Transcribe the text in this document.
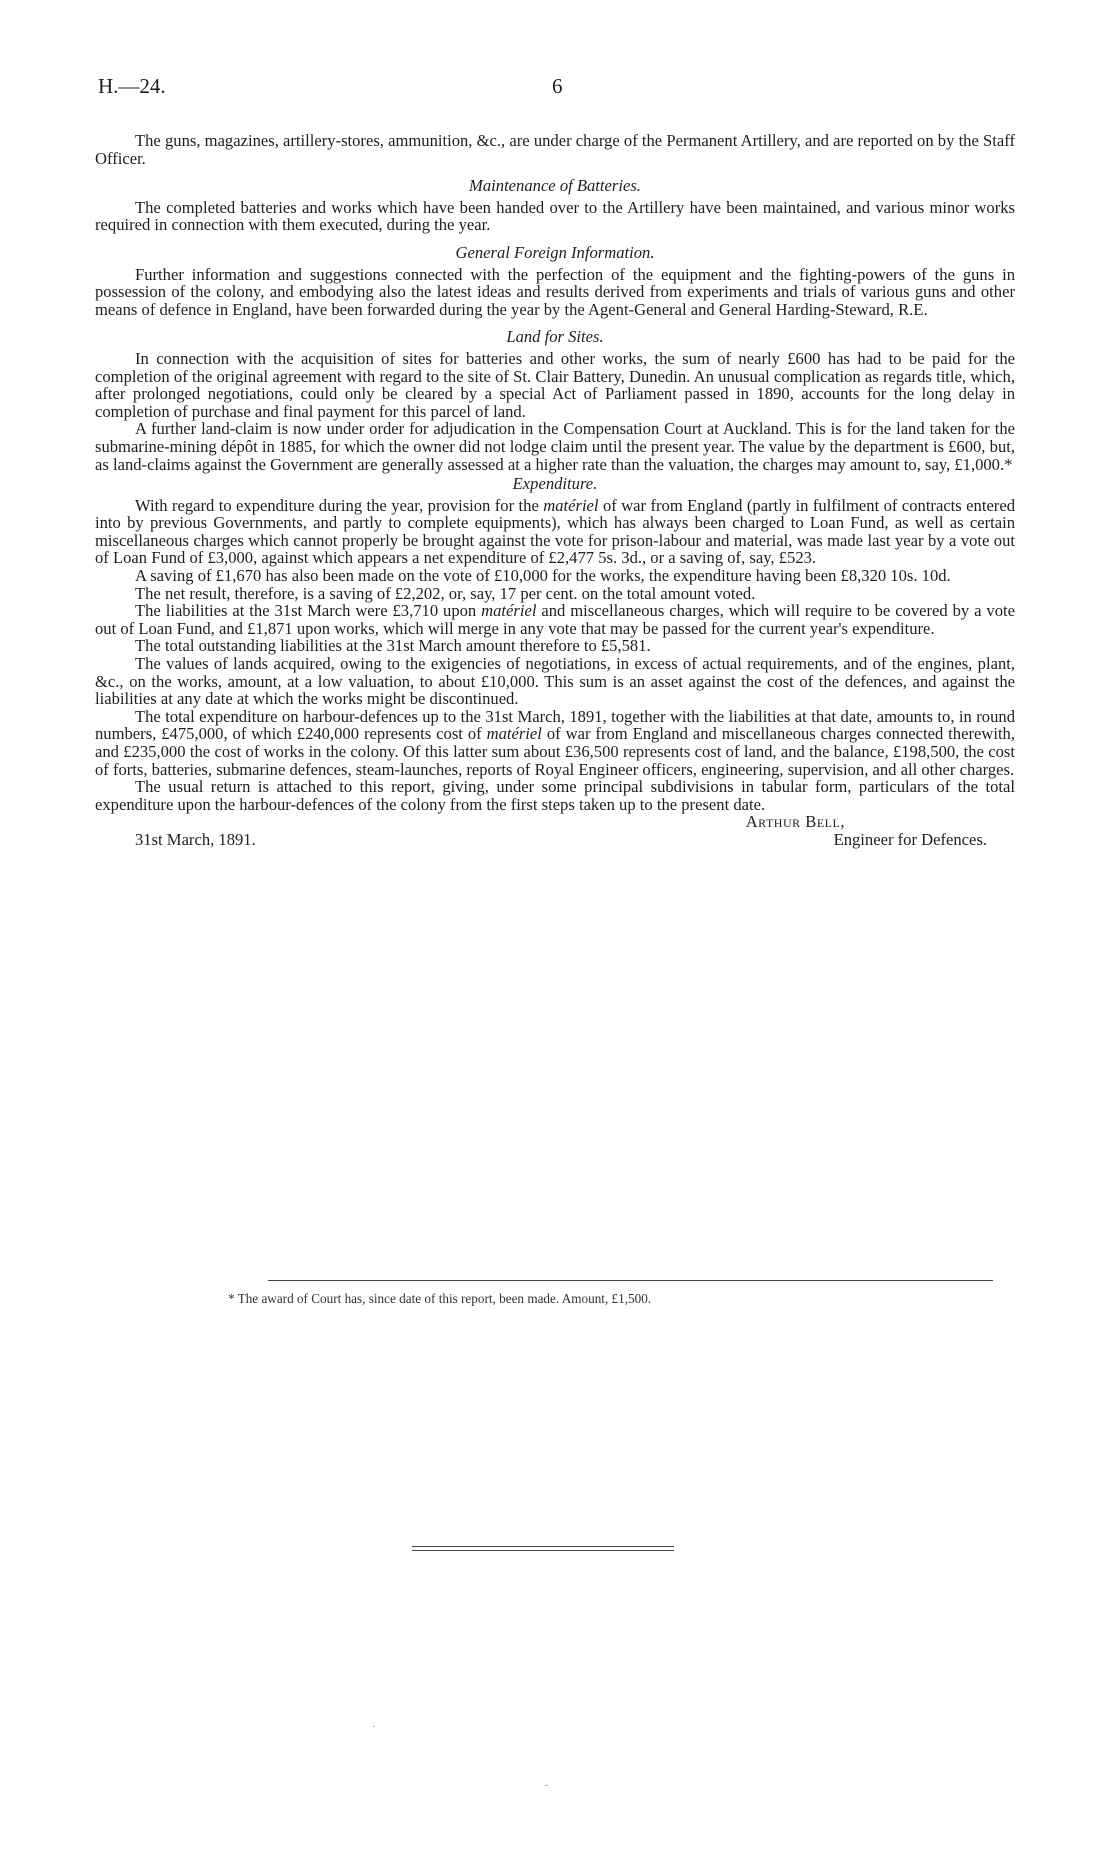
H.—24.	6

The guns, magazines, artillery-stores, ammunition, &c., are under charge of the Permanent Artillery, and are reported on by the Staff Officer.

Maintenance of Batteries.

The completed batteries and works which have been handed over to the Artillery have been maintained, and various minor works required in connection with them executed, during the year.

General Foreign Information.

Further information and suggestions connected with the perfection of the equipment and the fighting-powers of the guns in possession of the colony, and embodying also the latest ideas and results derived from experiments and trials of various guns and other means of defence in England, have been forwarded during the year by the Agent-General and General Harding-Steward, R.E.

Land for Sites.

In connection with the acquisition of sites for batteries and other works, the sum of nearly £600 has had to be paid for the completion of the original agreement with regard to the site of St. Clair Battery, Dunedin. An unusual complication as regards title, which, after prolonged negotiations, could only be cleared by a special Act of Parliament passed in 1890, accounts for the long delay in completion of purchase and final payment for this parcel of land.

A further land-claim is now under order for adjudication in the Compensation Court at Auckland. This is for the land taken for the submarine-mining dépôt in 1885, for which the owner did not lodge claim until the present year. The value by the department is £600, but, as land-claims against the Government are generally assessed at a higher rate than the valuation, the charges may amount to, say, £1,000.*

Expenditure.

With regard to expenditure during the year, provision for the matériel of war from England (partly in fulfilment of contracts entered into by previous Governments, and partly to complete equipments), which has always been charged to Loan Fund, as well as certain miscellaneous charges which cannot properly be brought against the vote for prison-labour and material, was made last year by a vote out of Loan Fund of £3,000, against which appears a net expenditure of £2,477 5s. 3d., or a saving of, say, £523.

A saving of £1,670 has also been made on the vote of £10,000 for the works, the expenditure having been £8,320 10s. 10d.

The net result, therefore, is a saving of £2,202, or, say, 17 per cent. on the total amount voted.

The liabilities at the 31st March were £3,710 upon matériel and miscellaneous charges, which will require to be covered by a vote out of Loan Fund, and £1,871 upon works, which will merge in any vote that may be passed for the current year's expenditure.

The total outstanding liabilities at the 31st March amount therefore to £5,581.

The values of lands acquired, owing to the exigencies of negotiations, in excess of actual requirements, and of the engines, plant, &c., on the works, amount, at a low valuation, to about £10,000. This sum is an asset against the cost of the defences, and against the liabilities at any date at which the works might be discontinued.

The total expenditure on harbour-defences up to the 31st March, 1891, together with the liabilities at that date, amounts to, in round numbers, £475,000, of which £240,000 represents cost of matériel of war from England and miscellaneous charges connected therewith, and £235,000 the cost of works in the colony. Of this latter sum about £36,500 represents cost of land, and the balance, £198,500, the cost of forts, batteries, submarine defences, steam-launches, reports of Royal Engineer officers, engineering, supervision, and all other charges.

The usual return is attached to this report, giving, under some principal subdivisions in tabular form, particulars of the total expenditure upon the harbour-defences of the colony from the first steps taken up to the present date.

Arthur Bell,
31st March, 1891.	Engineer for Defences.
* The award of Court has, since date of this report, been made. Amount, £1,500.
·
-
